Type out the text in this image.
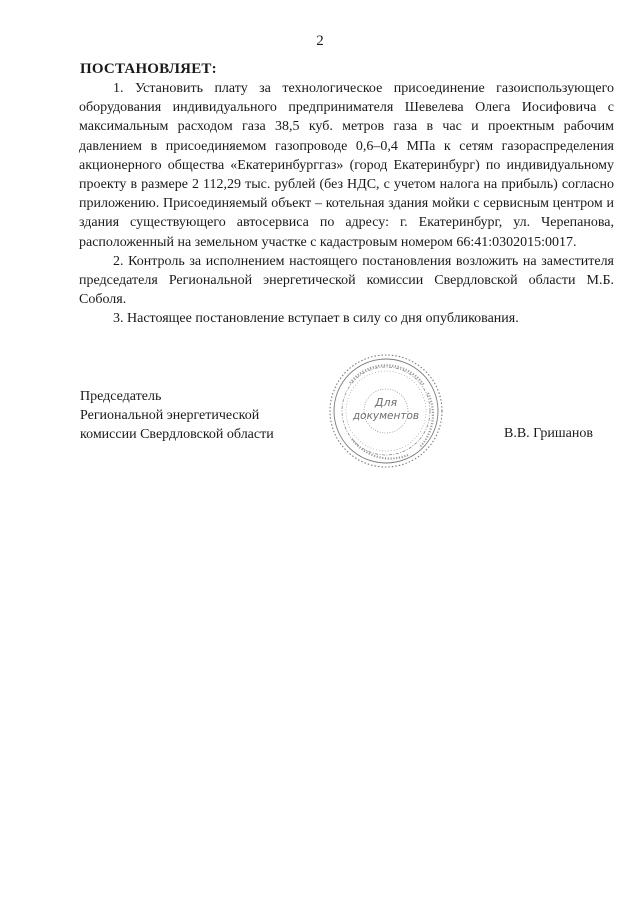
2
ПОСТАНОВЛЯЕТ:

1. Установить плату за технологическое присоединение газоиспользующего оборудования индивидуального предпринимателя Шевелева Олега Иосифовича с максимальным расходом газа 38,5 куб. метров газа в час и проектным рабочим давлением в присоединяемом газопроводе 0,6–0,4 МПа к сетям газораспределения акционерного общества «Екатеринбурггаз» (город Екатеринбург) по индивидуальному проекту в размере 2 112,29 тыс. рублей (без НДС, с учетом налога на прибыль) согласно приложению. Присоединяемый объект – котельная здания мойки с сервисным центром и здания существующего автосервиса по адресу: г. Екатеринбург, ул. Черепанова, расположенный на земельном участке с кадастровым номером 66:41:0302015:0017.

2. Контроль за исполнением настоящего постановления возложить на заместителя председателя Региональной энергетической комиссии Свердловской области М.Б. Соболя.

3. Настоящее постановление вступает в силу со дня опубликования.

Председатель
Региональной энергетической
комиссии Свердловской области
Для
документов
В.В. Гришанов
